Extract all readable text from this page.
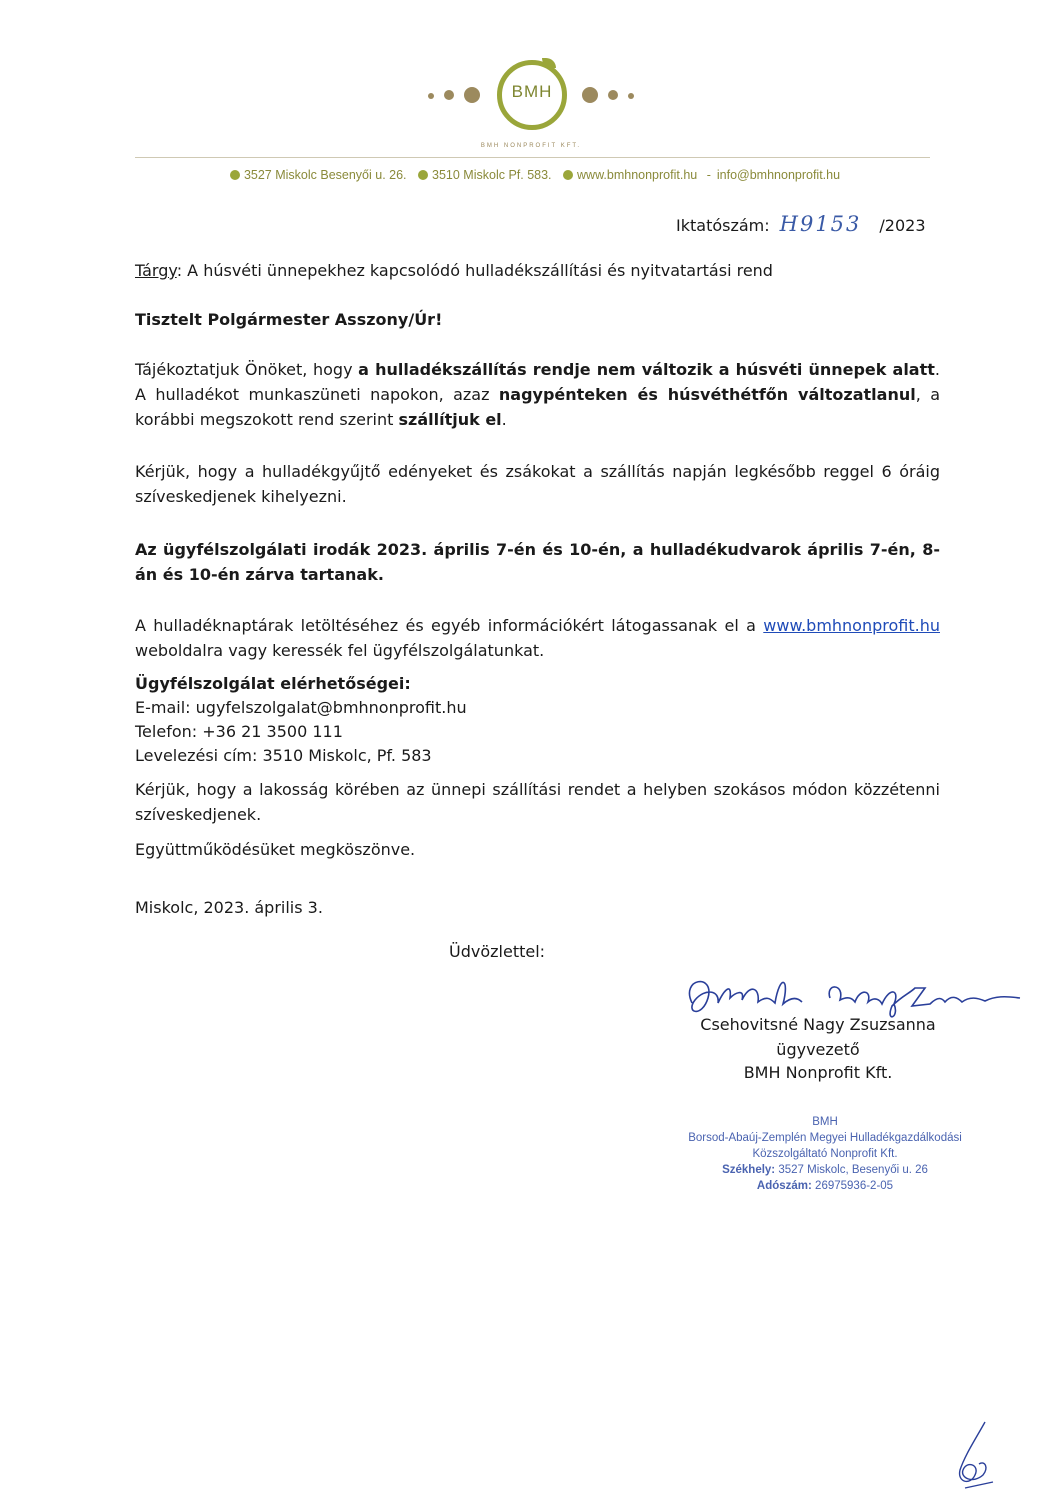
BMH
BMH NONPROFIT KFT.
3527 Miskolc Besenyői u. 26. 3510 Miskolc Pf. 583. www.bmhnonprofit.hu - info@bmhnonprofit.hu
Iktatószám: H9153 /2023
Tárgy: A húsvéti ünnepekhez kapcsolódó hulladékszállítási és nyitvatartási rend
Tisztelt Polgármester Asszony/Úr!
Tájékoztatjuk Önöket, hogy a hulladékszállítás rendje nem változik a húsvéti ünnepek alatt. A hulladékot munkaszüneti napokon, azaz nagypénteken és húsvéthétfőn változatlanul, a korábbi megszokott rend szerint szállítjuk el.
Kérjük, hogy a hulladékgyűjtő edényeket és zsákokat a szállítás napján legkésőbb reggel 6 óráig szíveskedjenek kihelyezni.
Az ügyfélszolgálati irodák 2023. április 7-én és 10-én, a hulladékudvarok április 7-én, 8-án és 10-én zárva tartanak.
A hulladéknaptárak letöltéséhez és egyéb információkért látogassanak el a www.bmhnonprofit.hu weboldalra vagy keressék fel ügyfélszolgálatunkat.
Ügyfélszolgálat elérhetőségei:
E-mail: ugyfelszolgalat@bmhnonprofit.hu
Telefon: +36 21 3500 111
Levelezési cím: 3510 Miskolc, Pf. 583
Kérjük, hogy a lakosság körében az ünnepi szállítási rendet a helyben szokásos módon közzétenni szíveskedjenek.
Együttműködésüket megköszönve.
Miskolc, 2023. április 3.
Üdvözlettel:
Csehovitsné Nagy Zsuzsanna
ügyvezető
BMH Nonprofit Kft.
BMH
Borsod-Abaúj-Zemplén Megyei Hulladékgazdálkodási
Közszolgáltató Nonprofit Kft.
Székhely: 3527 Miskolc, Besenyői u. 26
Adószám: 26975936-2-05
